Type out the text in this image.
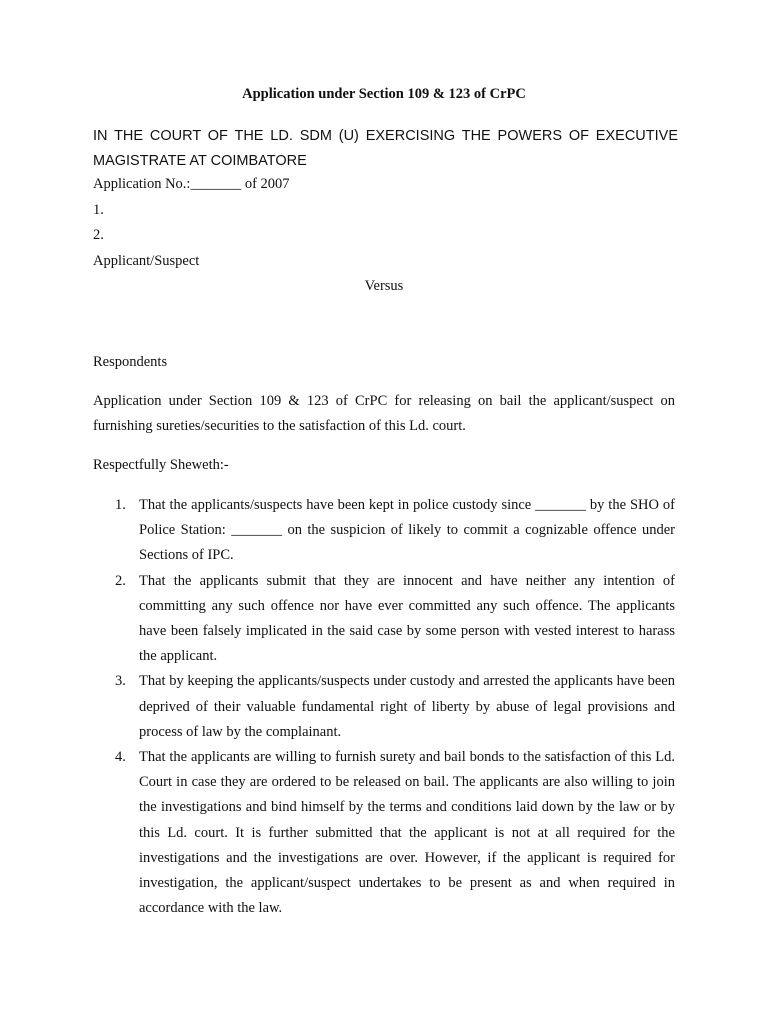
Application under Section 109 & 123 of CrPC
IN THE COURT OF THE LD. SDM (U) EXERCISING THE POWERS OF EXECUTIVE MAGISTRATE AT COIMBATORE
Application No.:_______ of 2007
1.
2.
Applicant/Suspect
Versus
Respondents
Application under Section 109 & 123 of CrPC for releasing on bail the applicant/suspect on furnishing sureties/securities to the satisfaction of this Ld. court.
Respectfully Sheweth:-
1. That the applicants/suspects have been kept in police custody since _______ by the SHO of Police Station: _______ on the suspicion of likely to commit a cognizable offence under Sections of IPC.
2. That the applicants submit that they are innocent and have neither any intention of committing any such offence nor have ever committed any such offence. The applicants have been falsely implicated in the said case by some person with vested interest to harass the applicant.
3. That by keeping the applicants/suspects under custody and arrested the applicants have been deprived of their valuable fundamental right of liberty by abuse of legal provisions and process of law by the complainant.
4. That the applicants are willing to furnish surety and bail bonds to the satisfaction of this Ld. Court in case they are ordered to be released on bail. The applicants are also willing to join the investigations and bind himself by the terms and conditions laid down by the law or by this Ld. court. It is further submitted that the applicant is not at all required for the investigations and the investigations are over. However, if the applicant is required for investigation, the applicant/suspect undertakes to be present as and when required in accordance with the law.
